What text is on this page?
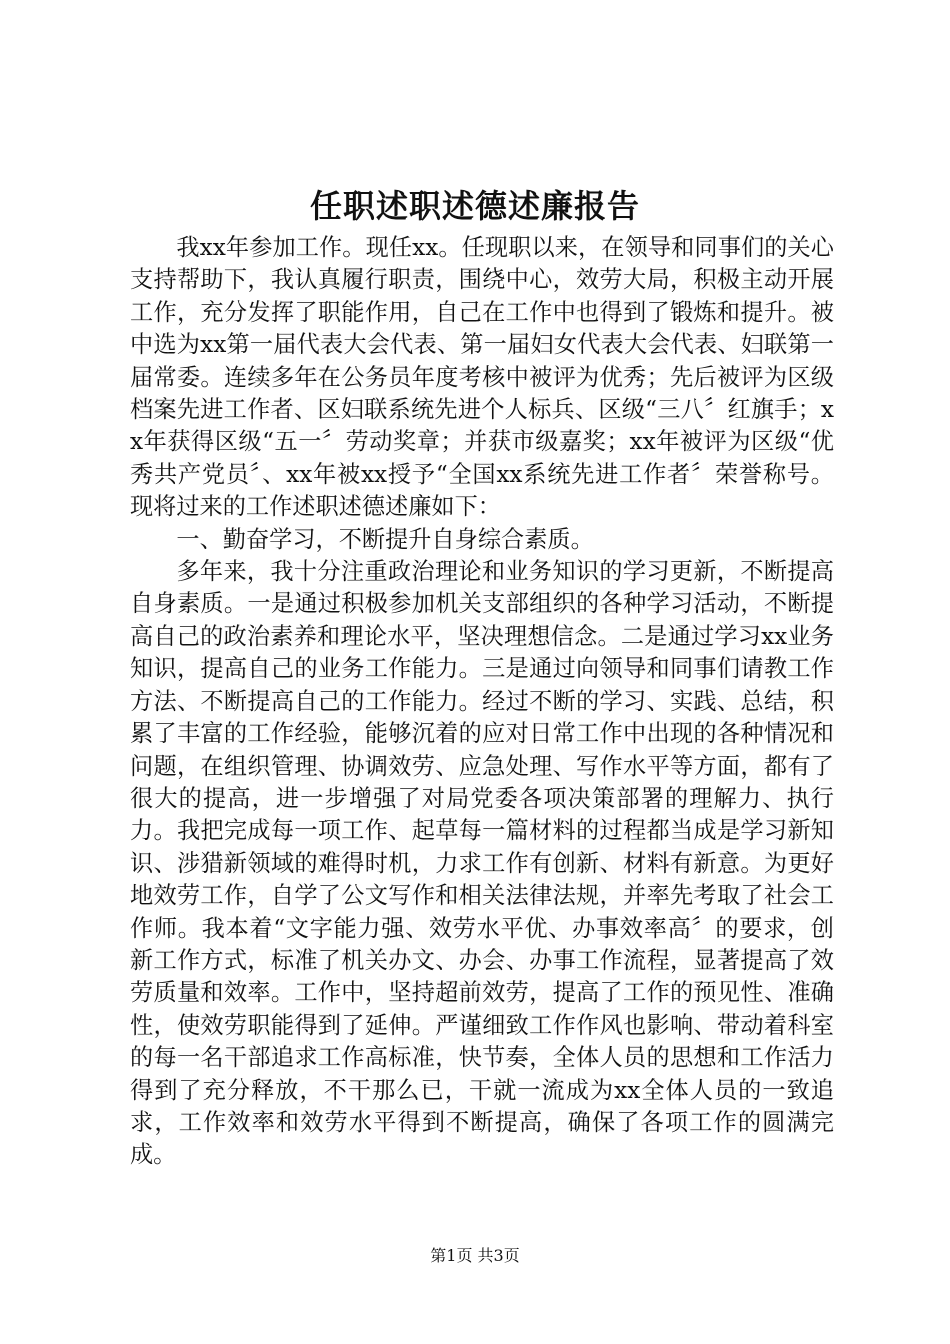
任职述职述德述廉报告

我xx年参加工作。现任xx。任现职以来，在领导和同事们的关心支持帮助下，我认真履行职责，围绕中心，效劳大局，积极主动开展工作，充分发挥了职能作用，自己在工作中也得到了锻炼和提升。被中选为xx第一届代表大会代表、第一届妇女代表大会代表、妇联第一届常委。连续多年在公务员年度考核中被评为优秀；先后被评为区级档案先进工作者、区妇联系统先进个人标兵、区级“三八〞红旗手；xx年获得区级“五一〞劳动奖章；并获市级嘉奖；xx年被评为区级“优秀共产党员〞、xx年被xx授予“全国xx系统先进工作者〞荣誉称号。现将过来的工作述职述德述廉如下：

一、勤奋学习，不断提升自身综合素质。

多年来，我十分注重政治理论和业务知识的学习更新，不断提高自身素质。一是通过积极参加机关支部组织的各种学习活动，不断提高自己的政治素养和理论水平，坚决理想信念。二是通过学习xx业务知识，提高自己的业务工作能力。三是通过向领导和同事们请教工作方法、不断提高自己的工作能力。经过不断的学习、实践、总结，积累了丰富的工作经验，能够沉着的应对日常工作中出现的各种情况和问题，在组织管理、协调效劳、应急处理、写作水平等方面，都有了很大的提高，进一步增强了对局党委各项决策部署的理解力、执行力。我把完成每一项工作、起草每一篇材料的过程都当成是学习新知识、涉猎新领域的难得时机，力求工作有创新、材料有新意。为更好地效劳工作，自学了公文写作和相关法律法规，并率先考取了社会工作师。我本着“文字能力强、效劳水平优、办事效率高〞的要求，创新工作方式，标准了机关办文、办会、办事工作流程，显著提高了效劳质量和效率。工作中，坚持超前效劳，提高了工作的预见性、准确性，使效劳职能得到了延伸。严谨细致工作作风也影响、带动着科室的每一名干部追求工作高标准，快节奏，全体人员的思想和工作活力得到了充分释放，不干那么已，干就一流成为xx全体人员的一致追求，工作效率和效劳水平得到不断提高，确保了各项工作的圆满完成。

第1页 共3页
